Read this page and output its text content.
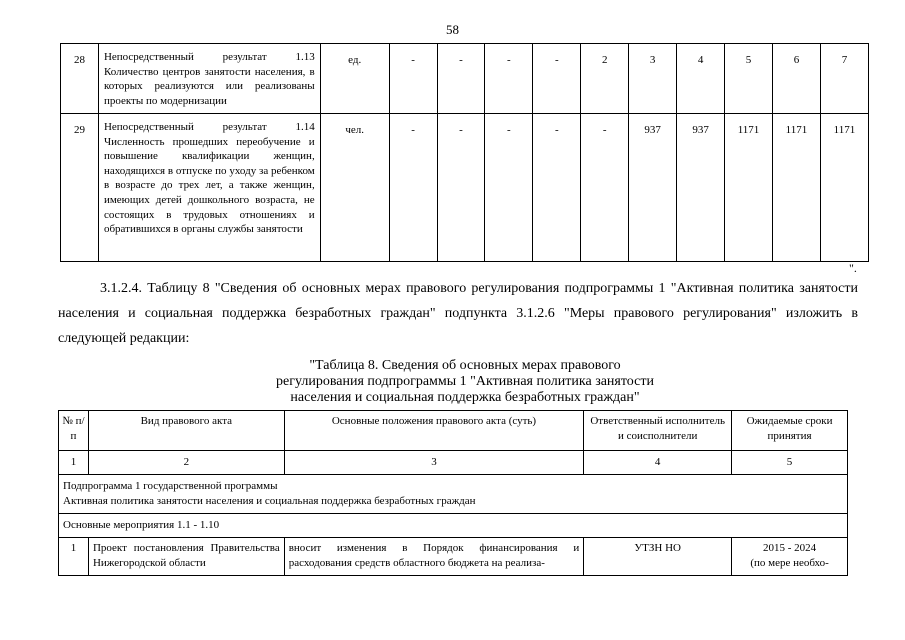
58
28	Непосредственный результат 1.13 Количество центров занятости населения, в которых реализуются или реализованы проекты по модернизации	ед.	-	-	-	-	2	3	4	5	6	7
29	Непосредственный результат 1.14 Численность прошедших переобучение и повышение квалификации женщин, находящихся в отпуске по уходу за ребенком в возрасте до трех лет, а также женщин, имеющих детей дошкольного возраста, не состоящих в трудовых отношениях и обратившихся в органы службы занятости	чел.	-	-	-	-	-	937	937	1171	1171	1171
".
3.1.2.4. Таблицу 8 "Сведения об основных мерах правового регулирования подпрограммы 1 "Активная политика занятости населения и социальная поддержка безработных граждан" подпункта 3.1.2.6 "Меры правового регулирования" изложить в следующей редакции:
"Таблица 8. Сведения об основных мерах правового
регулирования подпрограммы 1 "Активная политика занятости
населения и социальная поддержка безработных граждан"
№ п/п	Вид правового акта	Основные положения правового акта (суть)	Ответственный исполнитель и соисполнители	Ожидаемые сроки принятия
1	2	3	4	5

Подпрограмма 1 государственной программы
Активная политика занятости населения и социальная поддержка безработных граждан				

Основные мероприятия 1.1 - 1.10				
1	Проект постановления Правительства Нижегородской области	вносит изменения в Порядок финансирования и расходования средств областного бюджета на реализа-	УТЗН НО	2015 - 2024
(по мере необхо-
